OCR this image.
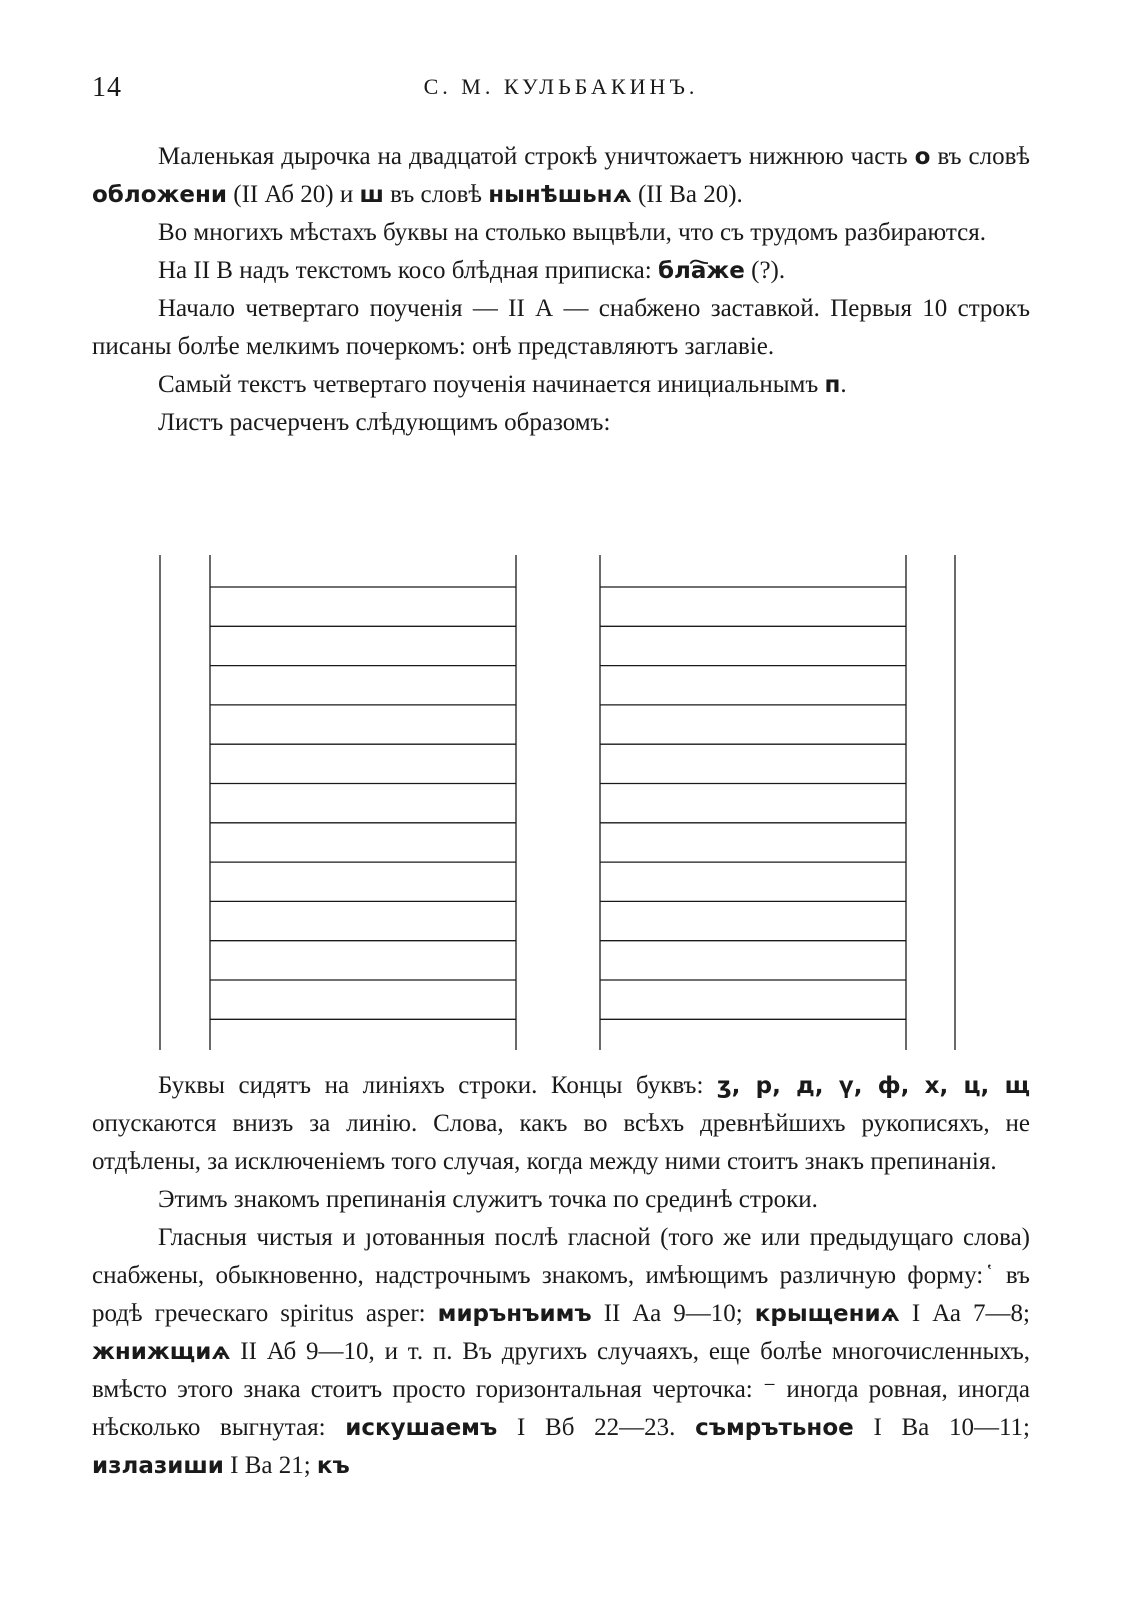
14	С. М. КУЛЬБАКИНЪ.

Маленькая дырочка на двадцатой строкѣ уничтожаетъ нижнюю часть о въ словѣ обложени (II Аб 20) и ш въ словѣ нынѣшьнѧ (II Ва 20).

Во многихъ мѣстахъ буквы на столько выцвѣли, что съ трудомъ разбираются.

На II В надъ текстомъ косо блѣдная приписка: бла҇же (?).

Начало четвертаго поученія — II А — снабжено заставкой. Первыя 10 строкъ писаны болѣе мелкимъ почеркомъ: онѣ представляютъ заглавіе.

Самый текстъ четвертаго поученія начинается инициальнымъ п.

Листъ расчерченъ слѣдующимъ образомъ:

Буквы сидятъ на линіяхъ строки. Концы буквъ: ӡ, р, д, ү, ф, х, ц, щ опускаются внизъ за линію. Слова, какъ во всѣхъ древнѣйшихъ рукописяхъ, не отдѣлены, за исключеніемъ того случая, когда между ними стоитъ знакъ препинанія.

Этимъ знакомъ препинанія служитъ точка по срединѣ строки.

Гласныя чистыя и ȷотованныя послѣ гласной (того же или предыдущаго слова) снабжены, обыкновенно, надстрочнымъ знакомъ, имѣющимъ различную форму: ҅ въ родѣ греческаго spiritus asper: мирънъимъ II Аа 9—10; крыщениѧ I Аа 7—8; жнижщиѧ II Аб 9—10, и т. п. Въ другихъ случаяхъ, еще болѣе многочисленныхъ, вмѣсто этого знака стоитъ просто горизонтальная черточка: ⁻ иногда ровная, иногда нѣсколько выгнутая: искушаемъ I Вб 22—23. съмрътьное I Ва 10—11; излазиши I Ва 21; къ
